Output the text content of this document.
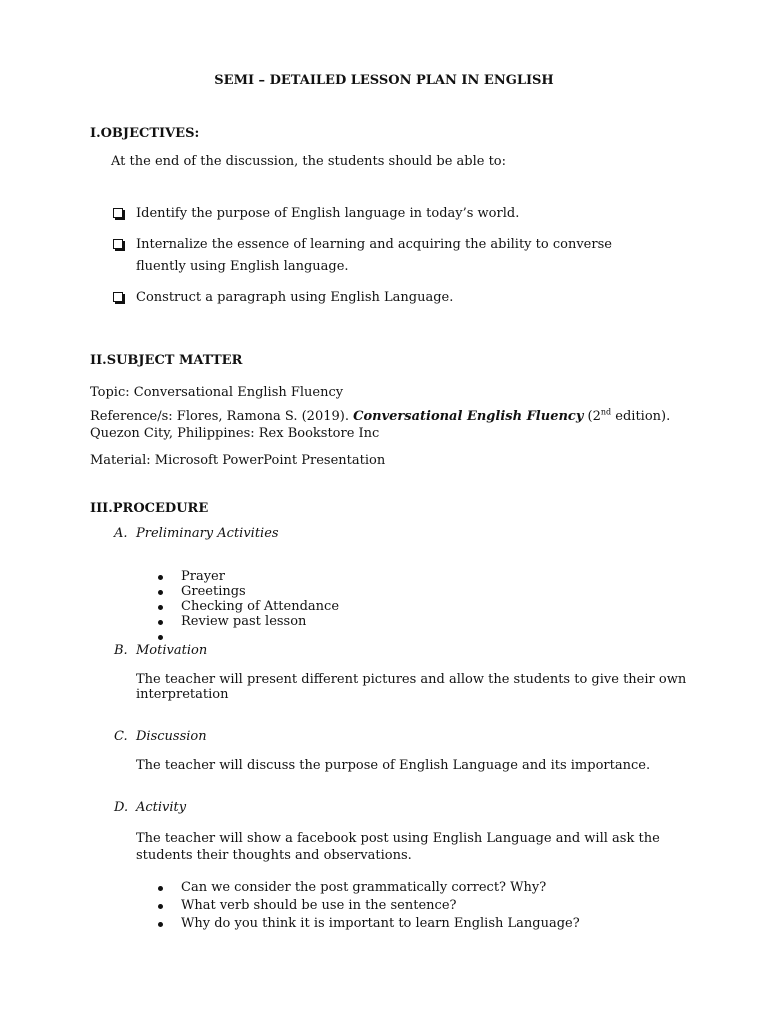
SEMI – DETAILED LESSON PLAN IN ENGLISH
I.OBJECTIVES:
At the end of the discussion, the students should be able to:
Identify the purpose of English language in today’s world.
Internalize the essence of learning and acquiring the ability to converse
fluently using English language.
Construct a paragraph using English Language.
II.SUBJECT MATTER
Topic: Conversational English Fluency
Reference/s: Flores, Ramona S. (2019). Conversational English Fluency (2nd edition).
Quezon City, Philippines: Rex Bookstore Inc
Material: Microsoft PowerPoint Presentation
III.PROCEDURE
A. Preliminary Activities
Prayer
Greetings
Checking of Attendance
Review past lesson
B. Motivation
The teacher will present different pictures and allow the students to give their own
interpretation
C. Discussion
The teacher will discuss the purpose of English Language and its importance.
D. Activity
The teacher will show a facebook post using English Language and will ask the
students their thoughts and observations.
Can we consider the post grammatically correct? Why?
What verb should be use in the sentence?
Why do you think it is important to learn English Language?
